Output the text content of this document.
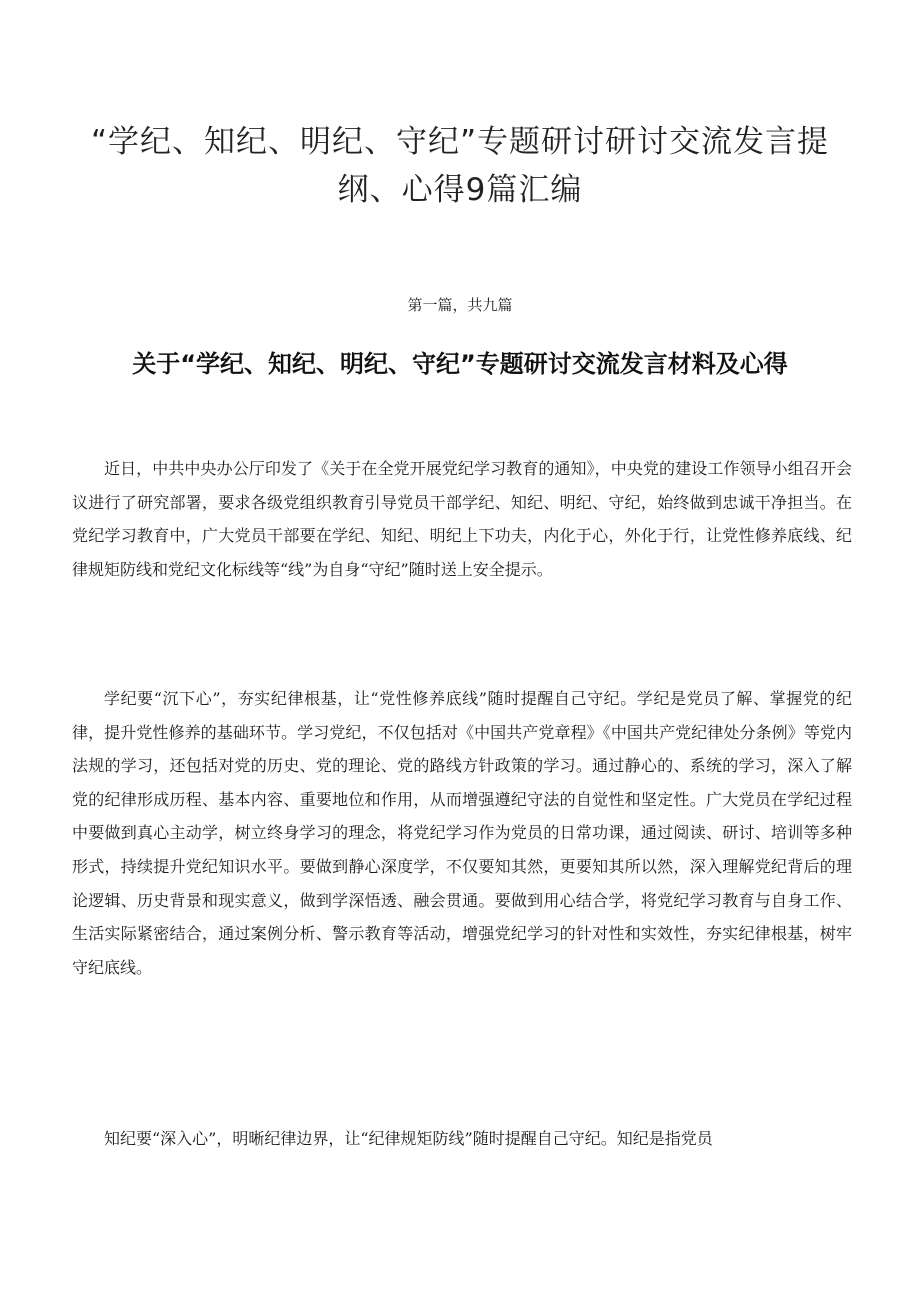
“学纪、知纪、明纪、守纪”专题研讨研讨交流发言提纲、心得9篇汇编
第一篇，共九篇
关于“学纪、知纪、明纪、守纪”专题研讨交流发言材料及心得

近日，中共中央办公厅印发了《关于在全党开展党纪学习教育的通知》，中央党的建设工作领导小组召开会议进行了研究部署，要求各级党组织教育引导党员干部学纪、知纪、明纪、守纪，始终做到忠诚干净担当。在党纪学习教育中，广大党员干部要在学纪、知纪、明纪上下功夫，内化于心，外化于行，让党性修养底线、纪律规矩防线和党纪文化标线等“线”为自身“守纪”随时送上安全提示。

学纪要“沉下心”，夯实纪律根基，让“党性修养底线”随时提醒自己守纪。学纪是党员了解、掌握党的纪律，提升党性修养的基础环节。学习党纪，不仅包括对《中国共产党章程》《中国共产党纪律处分条例》等党内法规的学习，还包括对党的历史、党的理论、党的路线方针政策的学习。通过静心的、系统的学习，深入了解党的纪律形成历程、基本内容、重要地位和作用，从而增强遵纪守法的自觉性和坚定性。广大党员在学纪过程中要做到真心主动学，树立终身学习的理念，将党纪学习作为党员的日常功课，通过阅读、研讨、培训等多种形式，持续提升党纪知识水平。要做到静心深度学，不仅要知其然，更要知其所以然，深入理解党纪背后的理论逻辑、历史背景和现实意义，做到学深悟透、融会贯通。要做到用心结合学，将党纪学习教育与自身工作、生活实际紧密结合，通过案例分析、警示教育等活动，增强党纪学习的针对性和实效性，夯实纪律根基，树牢守纪底线。

知纪要“深入心”，明晰纪律边界，让“纪律规矩防线”随时提醒自己守纪。知纪是指党员
